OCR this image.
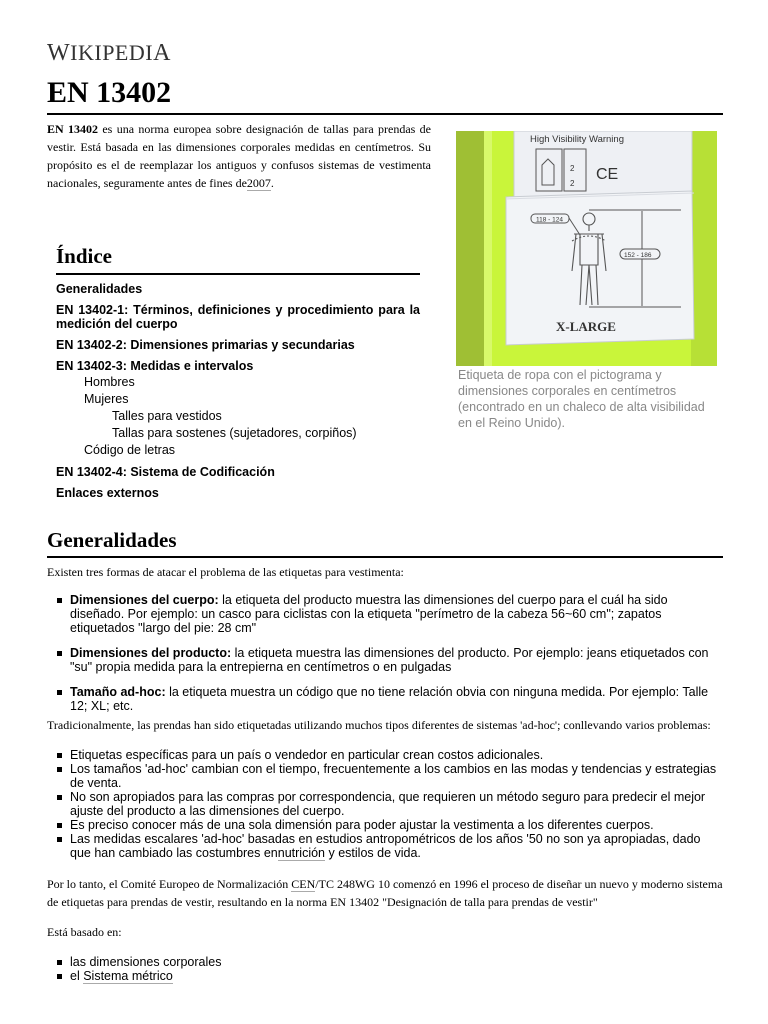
WIKIPEDIA
EN 13402

EN 13402 es una norma europea sobre designación de tallas para prendas de vestir. Está basada en las dimensiones corporales medidas en centímetros. Su propósito es el de reemplazar los antiguos y confusos sistemas de vestimenta nacionales, seguramente antes de fines de2007.

High Visibility Warning
2
2
CE
118 - 124
152 - 186
X-LARGE
Etiqueta de ropa con el pictograma y dimensiones corporales en centímetros (encontrado en un chaleco de alta visibilidad en el Reino Unido).
Índice
Generalidades
EN 13402-1: Términos, definiciones y procedimiento para la medición del cuerpo
EN 13402-2: Dimensiones primarias y secundarias
EN 13402-3: Medidas e intervalos
Hombres
Mujeres
Talles para vestidos
Tallas para sostenes (sujetadores, corpiños)
Código de letras
EN 13402-4: Sistema de Codificación
Enlaces externos
Generalidades

Existen tres formas de atacar el problema de las etiquetas para vestimenta:

Dimensiones del cuerpo: la etiqueta del producto muestra las dimensiones del cuerpo para el cuál ha sido diseñado. Por ejemplo: un casco para ciclistas con la etiqueta "perímetro de la cabeza 56~60 cm"; zapatos etiquetados "largo del pie: 28 cm"
Dimensiones del producto: la etiqueta muestra las dimensiones del producto. Por ejemplo: jeans etiquetados con "su" propia medida para la entrepierna en centímetros o en pulgadas
Tamaño ad-hoc: la etiqueta muestra un código que no tiene relación obvia con ninguna medida. Por ejemplo: Talle 12; XL; etc.

Tradicionalmente, las prendas han sido etiquetadas utilizando muchos tipos diferentes de sistemas 'ad-hoc'; conllevando varios problemas:

Etiquetas específicas para un país o vendedor en particular crean costos adicionales.
Los tamaños 'ad-hoc' cambian con el tiempo, frecuentemente a los cambios en las modas y tendencias y estrategias de venta.
No son apropiados para las compras por correspondencia, que requieren un método seguro para predecir el mejor ajuste del producto a las dimensiones del cuerpo.
Es preciso conocer más de una sola dimensión para poder ajustar la vestimenta a los diferentes cuerpos.
Las medidas escalares 'ad-hoc' basadas en estudios antropométricos de los años '50 no son ya apropiadas, dado que han cambiado las costumbres ennutrición y estilos de vida.

Por lo tanto, el Comité Europeo de Normalización CEN/TC 248WG 10 comenzó en 1996 el proceso de diseñar un nuevo y moderno sistema de etiquetas para prendas de vestir, resultando en la norma EN 13402 "Designación de talla para prendas de vestir"

Está basado en:

las dimensiones corporales
el Sistema métrico
